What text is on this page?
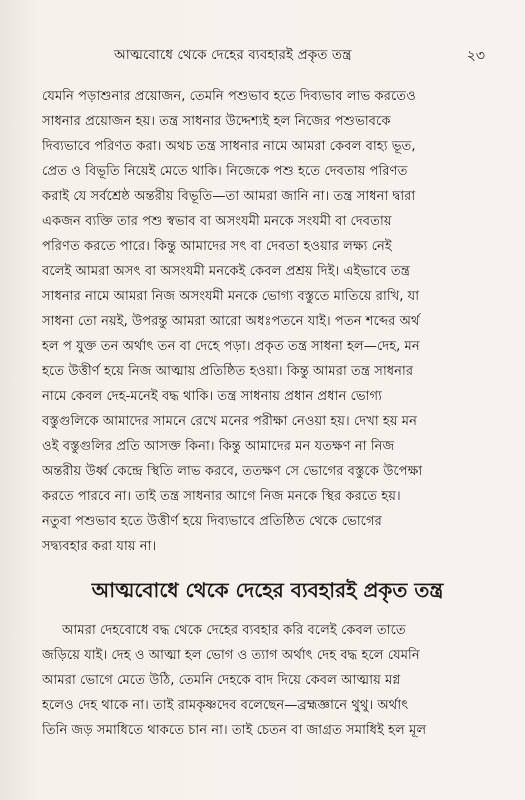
আত্মবোধে থেকে দেহের ব্যবহারই প্রকৃত তন্ত্র	২৩
যেমনি পড়াশুনার প্রয়োজন, তেমনি পশুভাব হতে দিব্যভাব লাভ করতেও
সাধনার প্রয়োজন হয়। তন্ত্র সাধনার উদ্দেশ্যই হল নিজের পশুভাবকে
দিব্যভাবে পরিণত করা। অথচ তন্ত্র সাধনার নামে আমরা কেবল বাহ্য ভূত,
প্রেত ও বিভূতি নিয়েই মেতে থাকি। নিজেকে পশু হতে দেবতায় পরিণত
করাই যে সর্বশ্রেষ্ঠ অন্তরীয় বিভূতি—তা আমরা জানি না। তন্ত্র সাধনা দ্বারা
একজন ব্যক্তি তার পশু স্বভাব বা অসংযমী মনকে সংযমী বা দেবতায়
পরিণত করতে পারে। কিন্তু আমাদের সৎ বা দেবতা হওয়ার লক্ষ্য নেই
বলেই আমরা অসৎ বা অসংযমী মনকেই কেবল প্রশ্রয় দিই। এইভাবে তন্ত্র
সাধনার নামে আমরা নিজ অসংযমী মনকে ভোগ্য বস্তুতে মাতিয়ে রাখি, যা
সাধনা তো নয়ই, উপরন্তু আমরা আরো অধঃপতনে যাই। পতন শব্দের অর্থ
হল প যুক্ত তন অর্থাৎ তন বা দেহে পড়া। প্রকৃত তন্ত্র সাধনা হল—দেহ, মন
হতে উত্তীর্ণ হয়ে নিজ আত্মায় প্রতিষ্ঠিত হওয়া। কিন্তু আমরা তন্ত্র সাধনার
নামে কেবল দেহ-মনেই বদ্ধ থাকি। তন্ত্র সাধনায় প্রধান প্রধান ভোগ্য
বস্তুগুলিকে আমাদের সামনে রেখে মনের পরীক্ষা নেওয়া হয়। দেখা হয় মন
ওই বস্তুগুলির প্রতি আসক্ত কিনা। কিন্তু আমাদের মন যতক্ষণ না নিজ
অন্তরীয় উর্ধ্ব কেন্দ্রে স্থিতি লাভ করবে, ততক্ষণ সে ভোগের বস্তুকে উপেক্ষা
করতে পারবে না। তাই তন্ত্র সাধনার আগে নিজ মনকে স্থির করতে হয়।
নতুবা পশুভাব হতে উত্তীর্ণ হয়ে দিব্যভাবে প্রতিষ্ঠিত থেকে ভোগের
সদ্ব্যবহার করা যায় না।
আত্মবোধে থেকে দেহের ব্যবহারই প্রকৃত তন্ত্র
আমরা দেহবোধে বদ্ধ থেকে দেহের ব্যবহার করি বলেই কেবল তাতে
জড়িয়ে যাই। দেহ ও আত্মা হল ভোগ ও ত্যাগ অর্থাৎ দেহ বদ্ধ হলে যেমনি
আমরা ভোগে মেতে উঠি, তেমনি দেহকে বাদ দিয়ে কেবল আত্মায় মগ্ন
হলেও দেহ থাকে না। তাই রামকৃষ্ণদেব বলেছেন—ব্রহ্মজ্ঞানে থুথু। অর্থাৎ
তিনি জড় সমাধিতে থাকতে চান না। তাই চেতন বা জাগ্রত সমাধিই হল মূল
